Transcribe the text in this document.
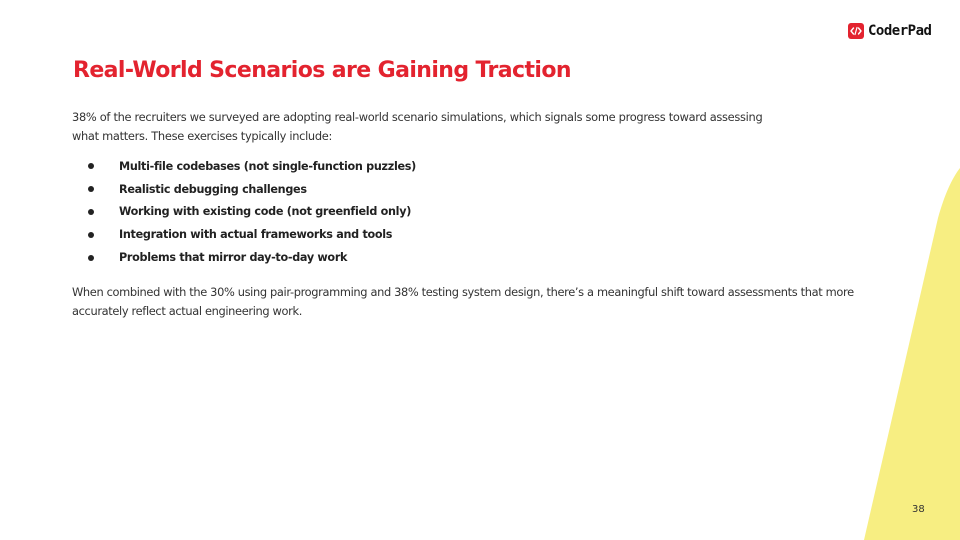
CoderPad
Real-World Scenarios are Gaining Traction

38% of the recruiters we surveyed are adopting real-world scenario simulations, which signals some progress toward assessing what matters. These exercises typically include:

Multi-file codebases (not single-function puzzles)
Realistic debugging challenges
Working with existing code (not greenfield only)
Integration with actual frameworks and tools
Problems that mirror day-to-day work

When combined with the 30% using pair-programming and 38% testing system design, there’s a meaningful shift toward assessments that more accurately reflect actual engineering work.

38
